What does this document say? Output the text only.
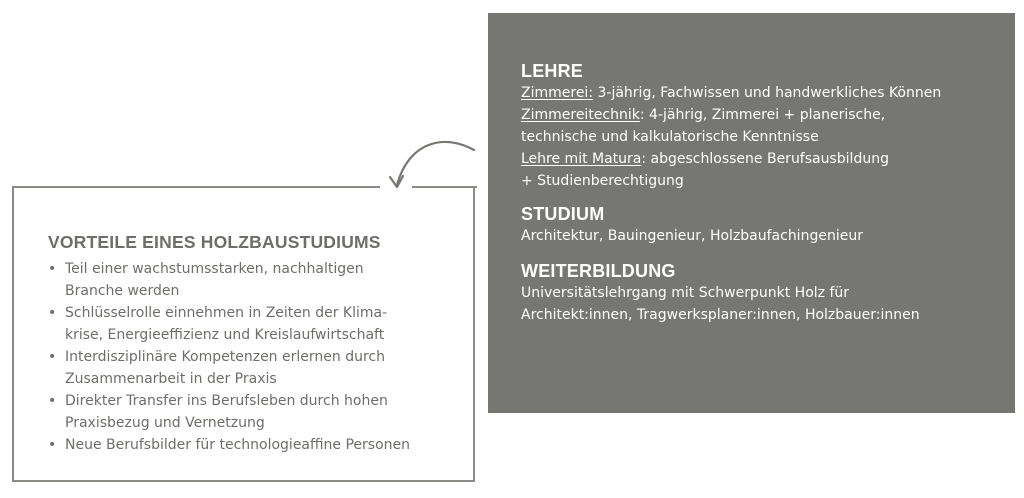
LEHRE
Zimmerei: 3-jährig, Fachwissen und handwerkliches Können
Zimmereitechnik: 4-jährig, Zimmerei + planerische,
technische und kalkulatorische Kenntnisse
Lehre mit Matura: abgeschlossene Berufsausbildung
+ Studienberechtigung
STUDIUM
Architektur, Bauingenieur, Holzbaufachingenieur
WEITERBILDUNG
Universitätslehrgang mit Schwerpunkt Holz für
Architekt:innen, Tragwerksplaner:innen, Holzbauer:innen
VORTEILE EINES HOLZBAUSTUDIUMS
• Teil einer wachstumsstarken, nachhaltigen
Branche werden
• Schlüsselrolle einnehmen in Zeiten der Klima-
krise, Energieeffizienz und Kreislaufwirtschaft
• Interdisziplinäre Kompetenzen erlernen durch
Zusammenarbeit in der Praxis
• Direkter Transfer ins Berufsleben durch hohen
Praxisbezug und Vernetzung
• Neue Berufsbilder für technologieaffine Personen
